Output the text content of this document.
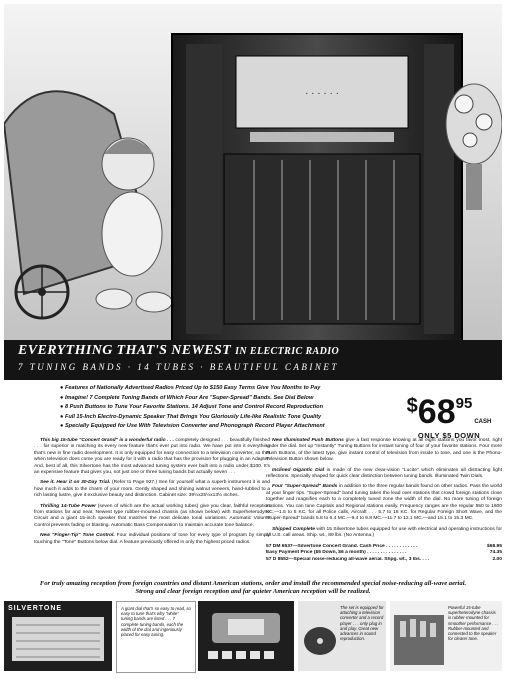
· · · · · ·
EVERYTHING THAT'S NEWEST IN ELECTRIC RADIO
7 TUNING BANDS · 14 TUBES · BEAUTIFUL CABINET
● Features of Nationally Advertised Radios Priced Up to $150 Easy Terms Give You Months to Pay
● Imagine! 7 Complete Tuning Bands of Which Four Are "Super-Spread" Bands. See Dial Below
● 8 Push Buttons to Tune Your Favorite Stations. 14 Adjust Tone and Control Record Reproduction
● Full 15-Inch Electro-Dynamic Speaker That Brings You Gloriously Life-like Realistic Tone Quality
● Specially Equipped for Use With Television Converter and Phonograph Record Player Attachment
$6895CASH
ONLY $5 DOWN

This big 15-tube "Concert Grand" is a wonderful radio . . . completely designed . . . beautifully finished . . . far superior in matching its every new feature that's ever put into radio. We have put into it everything that's new in fine radio development. It is only equipped for easy connection to a television converter, so that when television does come you are ready for it with a radio that has the provision for plugging in an Adapter. And, best of all, this Silvertone has the most advanced tuning system ever built into a radio under $100. It's an expensive feature that gives you, not just one or three tuning bands but actually seven . . .

See it. Hear it on 30-Day Trial. (Refer to Page 927.) See for yourself what a superb instrument it is and how much it adds to the charm of your room. Gently shaped and shining walnut veneers, hand-rubbed to a rich lasting lustre, give it exclusive beauty and distinction. Cabinet size: 39½x25½x13½ inches.

Thrilling 14-Tube Power (seven of which are the actual working tubes) give you clear, faithful reception from stations far and near. Newest type rubber-mounted chassis (as shown below) with Superheterodyne Circuit and a giant 15-inch speaker that matches the most delicate tonal variations. Automatic Volume Control prevents fading or blasting. Automatic Bass Compensation to maintain accurate tone balance.

New "Finger-Tip" Tone Control. Four individual positions of tone for every type of program by simply touching the "Tone" Buttons below dial. A feature previously offered in only the highest priced radios.

New Illuminated Push Buttons give a fast response knowing at all eight stations you favor most, right under the dial. Set up "Instantly" Tuning Buttons for instant tuning of four of your favorite stations. Four more Push Buttons, of the latest type, give instant control of television from inside to tone, and one is the Phono-Television Button shown below.

Inclined Gigantic Dial is made of the new clear-vision "Lucite" which eliminates all distracting light reflections. Specially shaped for quick clear distinction between tuning bands. Illuminated Twin Dials.

Four "Super-Spread" Bands in addition to the three regular bands found on other radios. Pass the world at your finger tips. "Super-Spread" band tuning takes the lead over stations that crowd foreign stations close together and magnifies each to a completely tuned zone the width of the dial. No more tuning of foreign stations. You can tune Capitals and Regional stations easily. Frequency ranges are the regular 550 to 1600 KC.—1.5 to 5 KC. for all Police calls, Aircraft . . . 5.7 to 18 KC. for Regular Foreign Short Wave, and the "Super-Spread" bands 5.8 to 6.4 MC.—9.4 to 9.8 MC.—11.7 to 12.1 MC.—and 15.1 to 15.3 MC.

Shipped Complete with 15 Silvertone tubes equipped for use with electrical and operating instructions for all U.S. call areas. Ship. wt., 89 lbs. (No Antenna.)

57 DM 6537—Silvertone Concert Grand. Cash Price . . . . . . . . . . . .	$68.95
Easy Payment Price ($5 Down, $6 a month) . . . . . . . . . . . . . . .	74.35
57 D 8552—Special noise-reducing all-wave aerial. Shpg. wt., 3 lbs. . . .	2.00
For truly amazing reception from foreign countries and distant American stations, order and install the recommended special noise-reducing all-wave aerial. Strong and clear foreign reception and far quieter American reception will be realized.
SILVERTONE	A giant dial that's so easy to read, so easy to tune that's why “white” tuning bands are listed . . . 7 complete tuning bands, each the width of the dial and ingeniously placed for easy tuning.
The set is equipped for attaching a television converter and a record player . . . only plug in and play. Great new advances in sound reproduction.
Powerful 15-tube superheterodyne chassis is rubber-mounted for smoother performance . . . Rubber-mounted and connected to the speaker for clearer tone.
